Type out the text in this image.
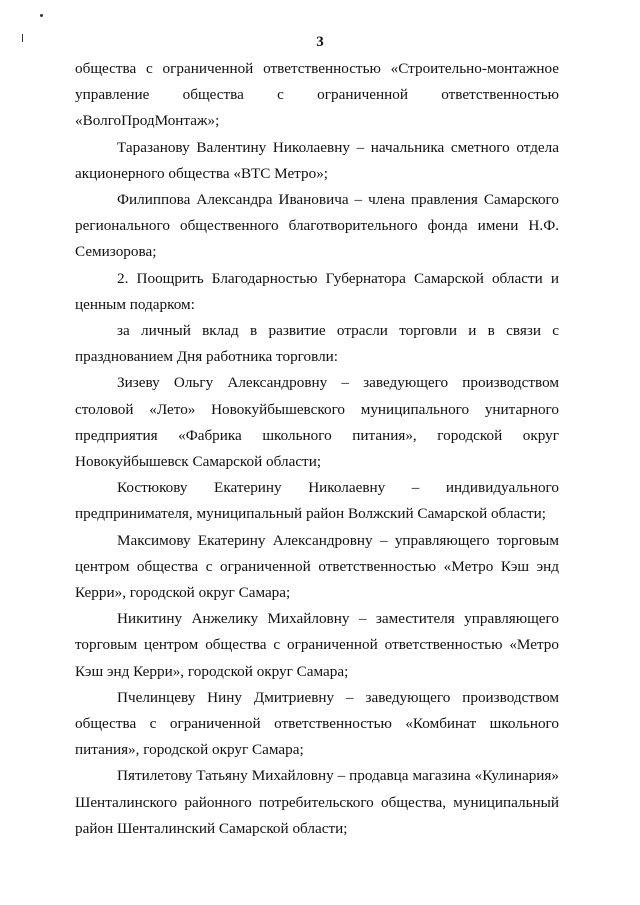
3

общества с ограниченной ответственностью «Строительно-монтажное управление общества с ограниченной ответственностью «ВолгоПродМонтаж»;

Таразанову Валентину Николаевну – начальника сметного отдела акционерного общества «ВТС Метро»;

Филиппова Александра Ивановича – члена правления Самарского регионального общественного благотворительного фонда имени Н.Ф. Семизорова;

2. Поощрить Благодарностью Губернатора Самарской области и ценным подарком:

за личный вклад в развитие отрасли торговли и в связи с празднованием Дня работника торговли:

Зизеву Ольгу Александровну – заведующего производством столовой «Лето» Новокуйбышевского муниципального унитарного предприятия «Фабрика школьного питания», городской округ Новокуйбышевск Самарской области;

Костюкову Екатерину Николаевну – индивидуального предпринимателя, муниципальный район Волжский Самарской области;

Максимову Екатерину Александровну – управляющего торговым центром общества с ограниченной ответственностью «Метро Кэш энд Керри», городской округ Самара;

Никитину Анжелику Михайловну – заместителя управляющего торговым центром общества с ограниченной ответственностью «Метро Кэш энд Керри», городской округ Самара;

Пчелинцеву Нину Дмитриевну – заведующего производством общества с ограниченной ответственностью «Комбинат школьного питания», городской округ Самара;

Пятилетову Татьяну Михайловну – продавца магазина «Кулинария» Шенталинского районного потребительского общества, муниципальный район Шенталинский Самарской области;
